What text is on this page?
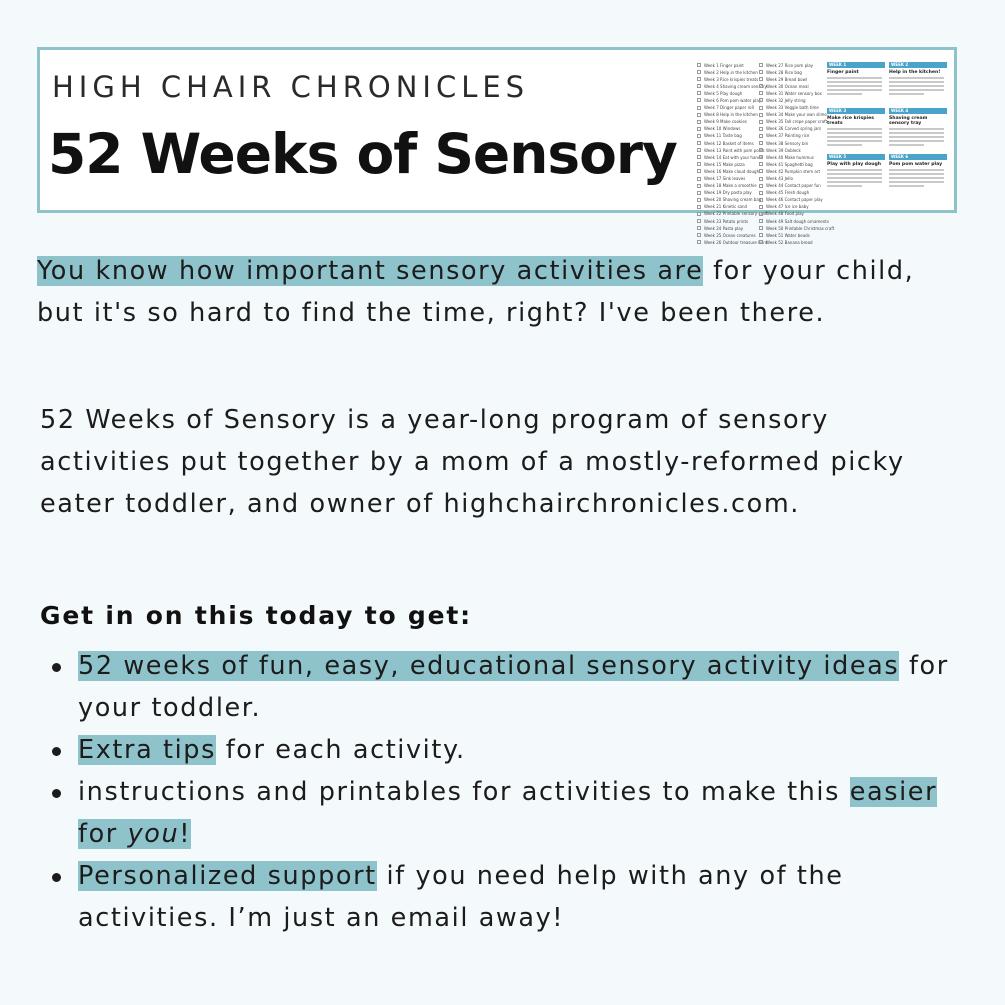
HIGH CHAIR CHRONICLES

52 Weeks of Sensory
Week 1 Finger paint
Week 2 Help in the kitchen
Week 3 Rice krispies treats
Week 4 Shaving cream sensory
Week 5 Play dough
Week 6 Pom pom water play
Week 7 Dinger paper roll
Week 8 Help in the kitchen
Week 9 Make cookies
Week 10 Windows
Week 11 Taste bag
Week 12 Basket of items
Week 13 Paint with pom poms
Week 14 Eat with your hands
Week 15 Make pizza
Week 16 Make cloud dough
Week 17 Sink leaves
Week 18 Make a smoothie
Week 19 Dry pasta play
Week 20 Shaving cream bag
Week 21 Kinetic sand
Week 22 Printable sensory craft
Week 23 Potato prints
Week 24 Pasta play
Week 25 Ocean creatures
Week 26 Outdoor treasure hunt
Week 27 Rice pom play
Week 28 Rice bag
Week 29 Bread bowl
Week 30 Ocean meal
Week 31 Water sensory box
Week 32 Jelly string
Week 33 Veggie bath time
Week 34 Make your own slime
Week 35 Fall crepe paper craft
Week 36 Carved spring jars
Week 37 Painting rice
Week 38 Sensory bin
Week 39 Oobleck
Week 40 Make hummus
Week 41 Spaghetti bag
Week 42 Pumpkin stem art
Week 43 Jello
Week 44 Contact paper fun
Week 45 Fresh dough
Week 46 Contact paper play
Week 47 Ice ice baby
Week 48 Food play
Week 49 Salt dough ornaments
Week 50 Printable Christmas craft
Week 51 Water beads
Week 52 Banana bread
WEEK 1
Finger paint
WEEK 2
Help in the kitchen!
WEEK 3
Make rice krispies treats
WEEK 4
Shaving cream sensory tray
WEEK 5
Play with play dough
WEEK 6
Pom pom water play

You know how important sensory activities are for your child, but it's so hard to find the time, right? I've been there.

52 Weeks of Sensory is a year-long program of sensory activities put together by a mom of a mostly-reformed picky eater toddler, and owner of highchairchronicles.com.

Get in on this today to get:

52 weeks of fun, easy, educational sensory activity ideas for your toddler.
Extra tips for each activity.
instructions and printables for activities to make this easier for you!
Personalized support if you need help with any of the activities. I’m just an email away!
